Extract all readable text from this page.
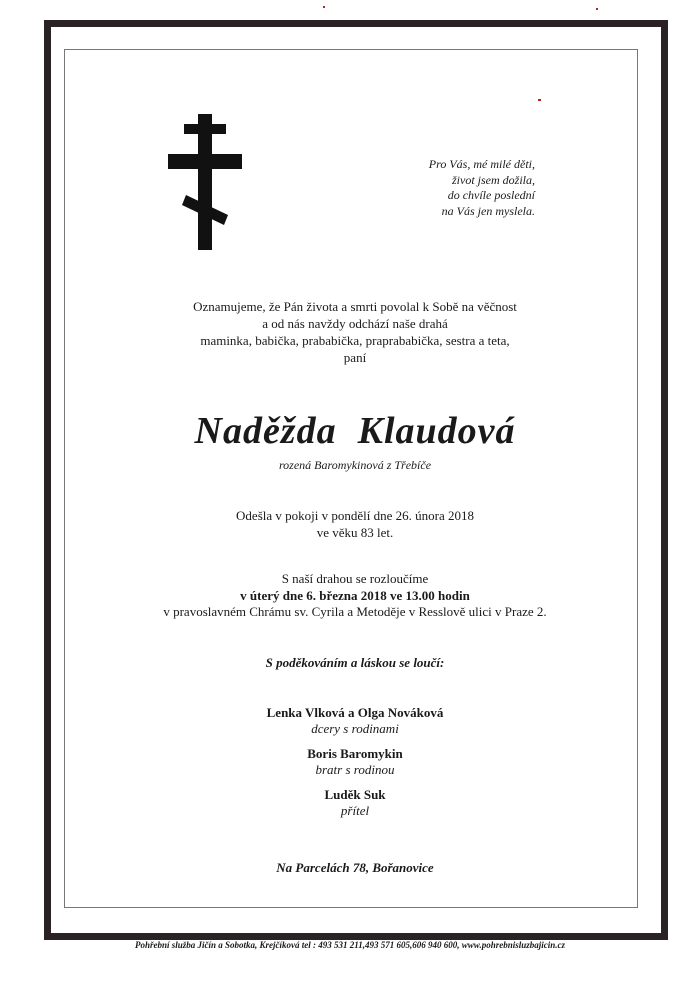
Pro Vás, mé milé děti,
život jsem dožila,
do chvíle poslední
na Vás jen myslela.
Oznamujeme, že Pán života a smrti povolal k Sobě na věčnost
a od nás navždy odchází naše drahá
maminka, babička, prababička, praprababička, sestra a teta,
paní
Naděžda  Klaudová
rozená Baromykinová z Třebíče
Odešla v pokoji v pondělí dne 26. února 2018
ve věku 83 let.
S naší drahou se rozloučíme
v úterý dne 6. března 2018 ve 13.00 hodin
v pravoslavném Chrámu sv. Cyrila a Metoděje v Resslově ulici v Praze 2.
S poděkováním a láskou se loučí:
Lenka Vlková a Olga Nováková
dcery s rodinami
Boris Baromykin
bratr s rodinou
Luděk Suk
přítel
Na Parcelách 78, Bořanovice
Pohřební služba Jičín a Sobotka, Krejčíková tel : 493 531 211,493 571 605,606 940 600, www.pohrebnisluzbajicin.cz
